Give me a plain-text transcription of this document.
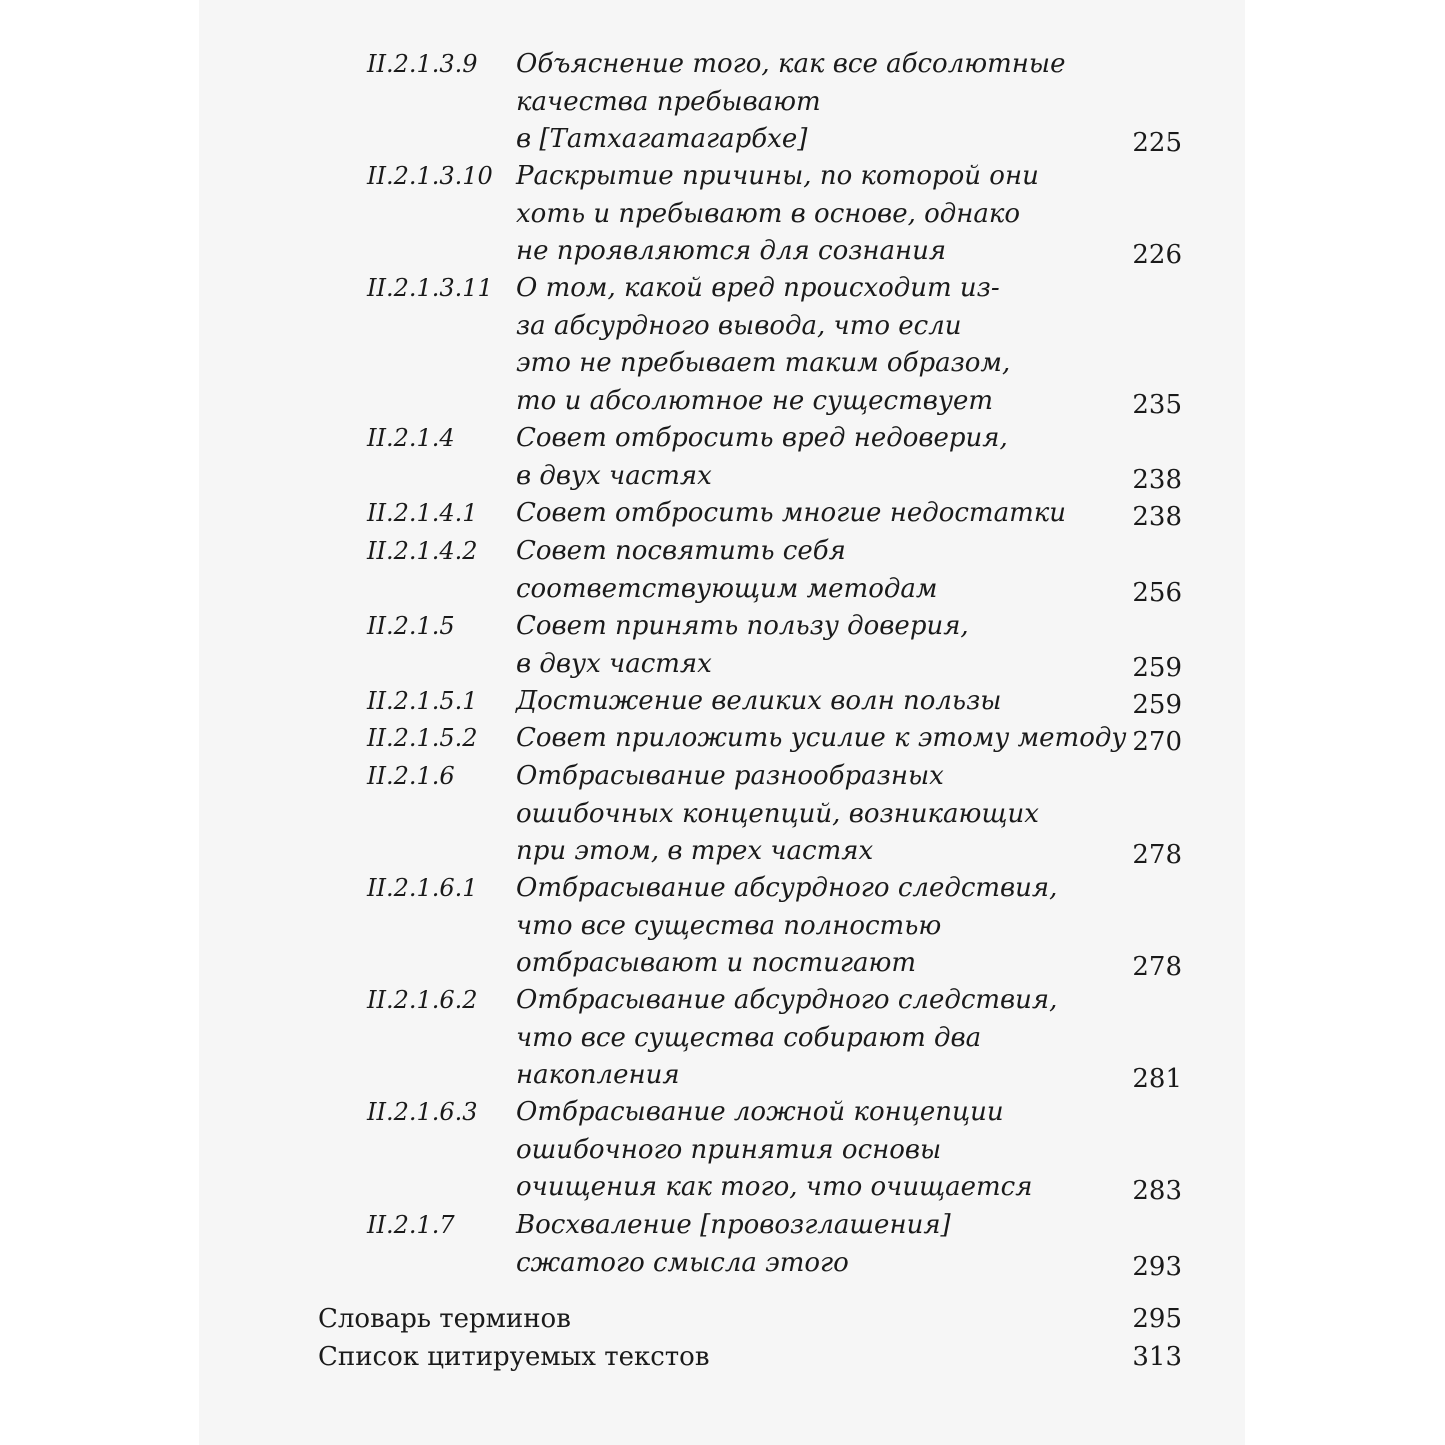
II.2.1.3.9 Объяснение того, как все абсолютные
качества пребывают
в [Татхагатагарбхе]	225
II.2.1.3.10 Раскрытие причины, по которой они
хоть и пребывают в основе, однако
не проявляются для сознания	226
II.2.1.3.11 О том, какой вред происходит из-
за абсурдного вывода, что если
это не пребывает таким образом,
то и абсолютное не существует	235
II.2.1.4 Совет отбросить вред недоверия,
в двух частях	238
II.2.1.4.1 Совет отбросить многие недостатки	238
II.2.1.4.2 Совет посвятить себя
соответствующим методам	256
II.2.1.5 Совет принять пользу доверия,
в двух частях	259
II.2.1.5.1 Достижение великих волн пользы	259
II.2.1.5.2 Совет приложить усилие к этому методу 270
II.2.1.6 Отбрасывание разнообразных
ошибочных концепций, возникающих
при этом, в трех частях	278
II.2.1.6.1 Отбрасывание абсурдного следствия,
что все существа полностью
отбрасывают и постигают	278
II.2.1.6.2 Отбрасывание абсурдного следствия,
что все существа собирают два
накопления	281
II.2.1.6.3 Отбрасывание ложной концепции
ошибочного принятия основы
очищения как того, что очищается	283
II.2.1.7 Восхваление [провозглашения]
сжатого смысла этого	293
Словарь терминов	295
Список цитируемых текстов	313
